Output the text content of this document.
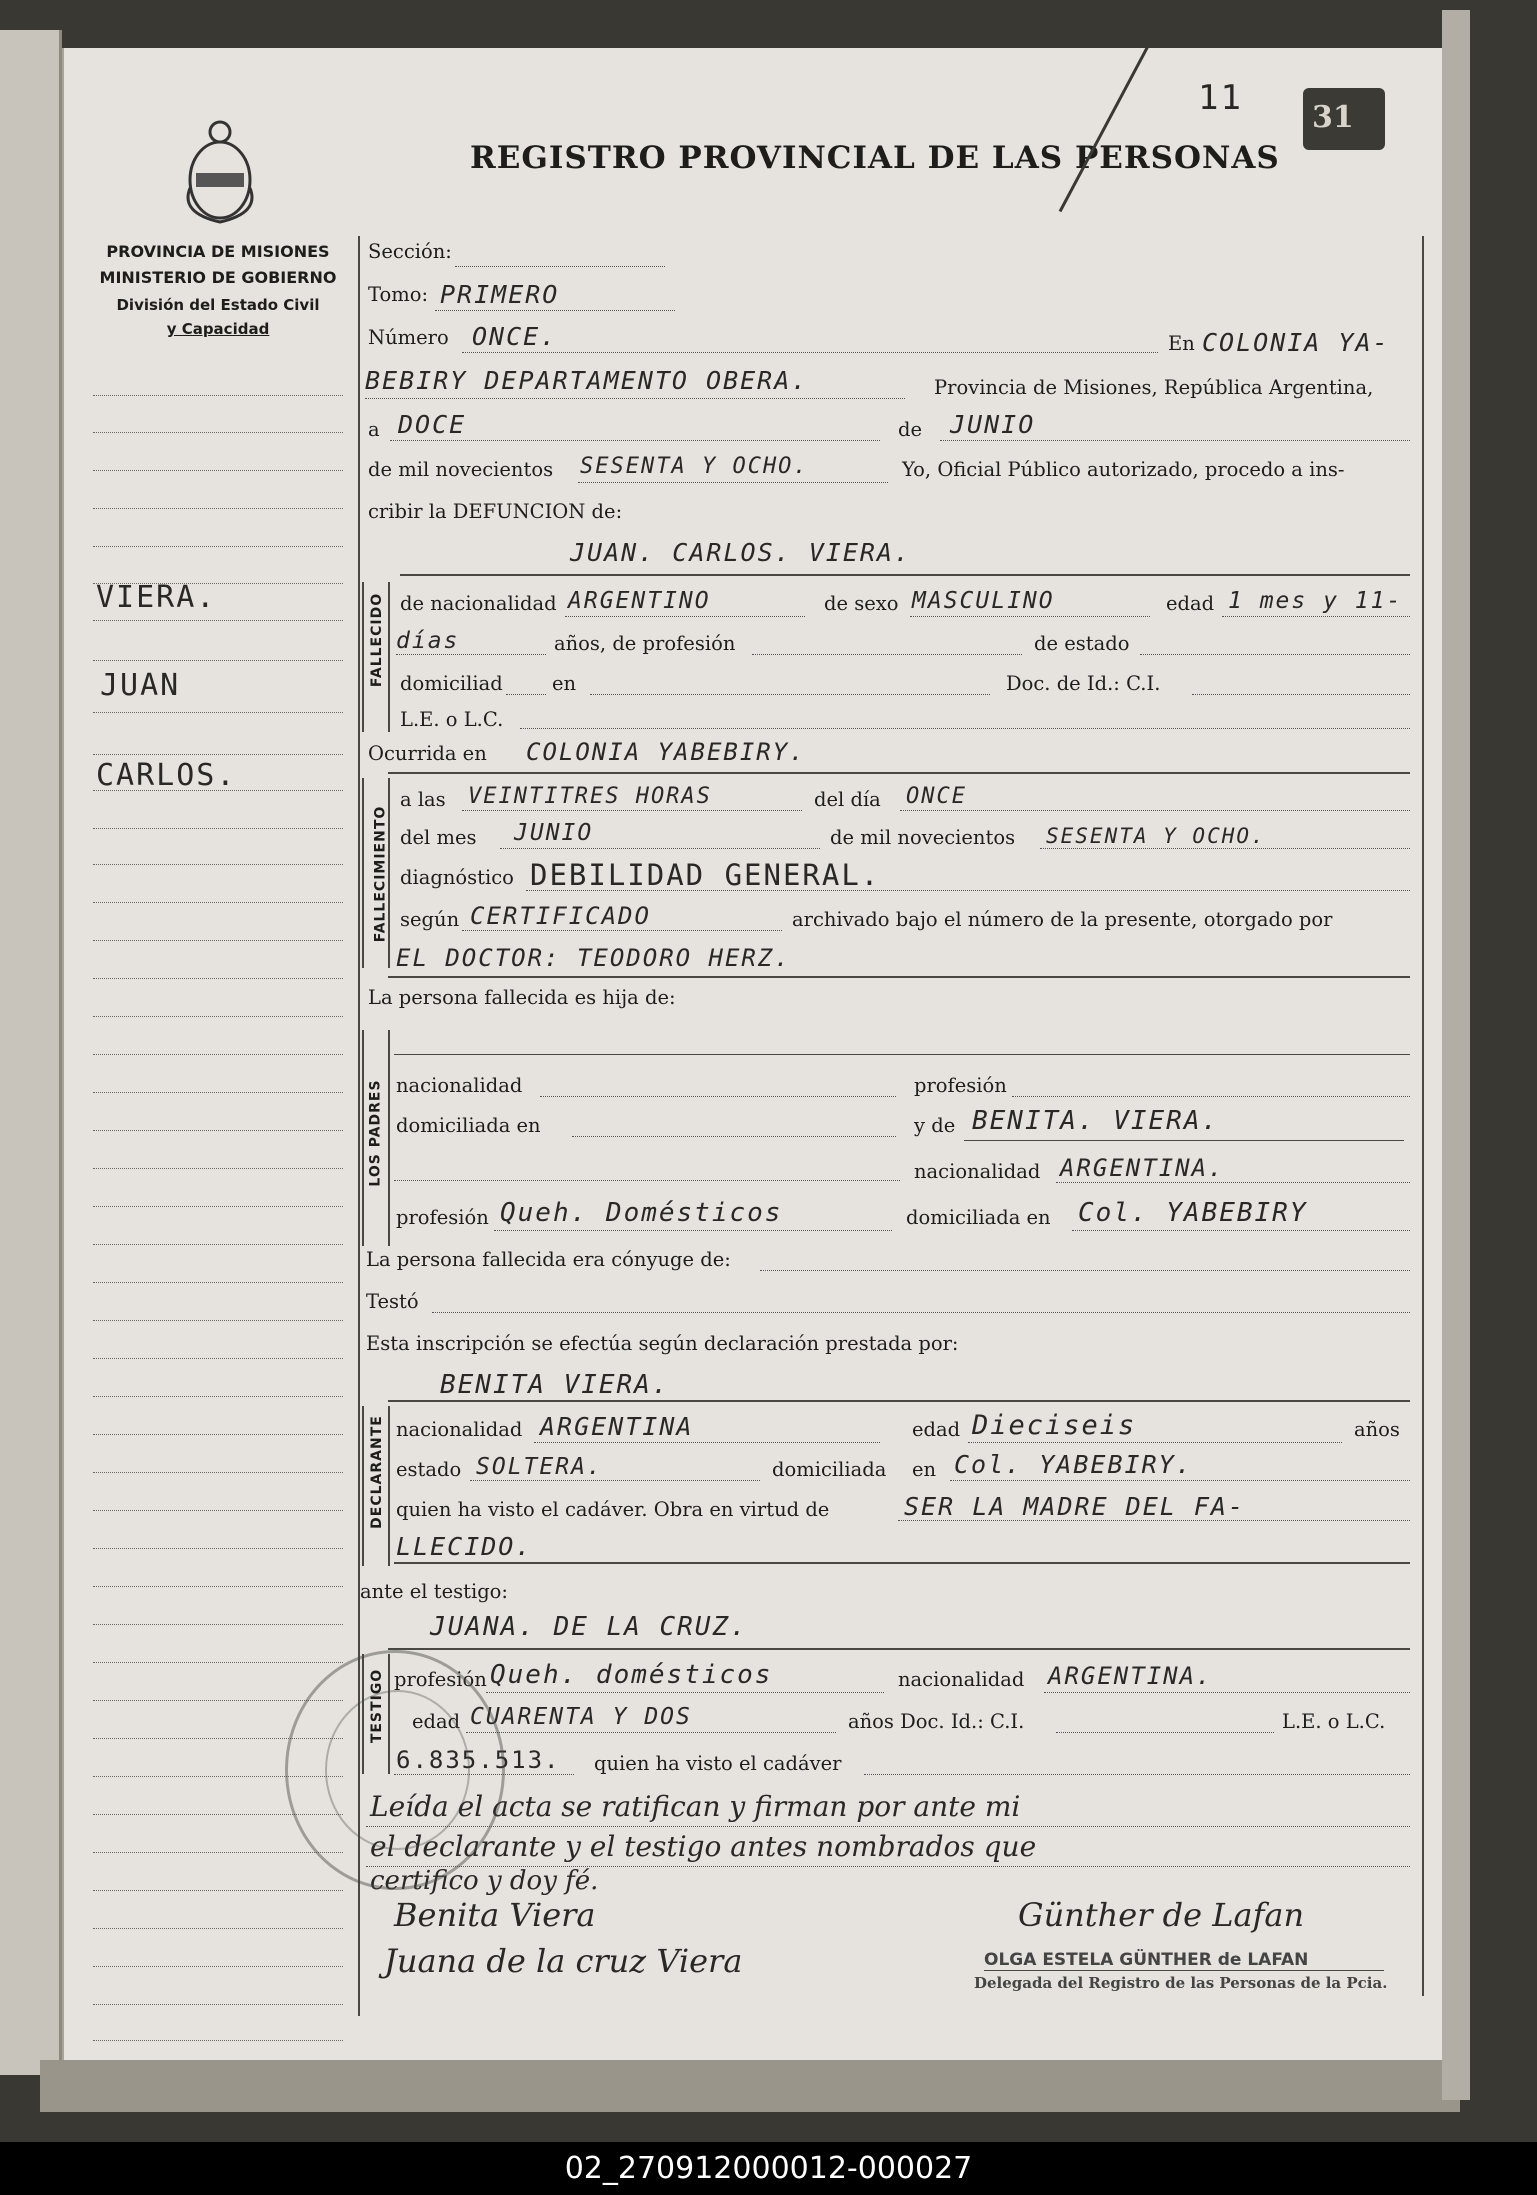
REGISTRO PROVINCIAL DE LAS PERSONAS
11 31
PROVINCIA DE MISIONES
MINISTERIO DE GOBIERNO
División del Estado Civil
y Capacidad
VIERA.
JUAN
CARLOS.
Sección:
Tomo: PRIMERO
Número ONCE.	En COLONIA YA-
BEBIRY DEPARTAMENTO OBERA.	Provincia de Misiones, República Argentina,
a DOCE	de JUNIO
de mil novecientos SESENTA Y OCHO.	Yo, Oficial Público autorizado, procedo a ins-
cribir la DEFUNCION de:
FALLECIDO
JUAN. CARLOS. VIERA.
de nacionalidad ARGENTINO	de sexo MASCULINO	edad 1 mes y 11-
días	años, de profesión	de estado
domiciliad	en	Doc. de Id.: C.I.
L.E. o L.C.
Ocurrida en COLONIA YABEBIRY.
FALLECIMIENTO
a las VEINTITRES HORAS	del día ONCE
del mes JUNIO	de mil novecientos SESENTA Y OCHO.
diagnóstico DEBILIDAD GENERAL.
según CERTIFICADO	archivado bajo el número de la presente, otorgado por
EL DOCTOR: TEODORO HERZ.
La persona fallecida es hija de:
LOS PADRES nacionalidad	profesión
domiciliada en	y de BENITA. VIERA.
nacionalidad ARGENTINA.
profesión Queh. Domésticos	domiciliada en Col. YABEBIRY
La persona fallecida era cónyuge de:
Testó
Esta inscripción se efectúa según declaración prestada por:
BENITA VIERA.
DECLARANTE nacionalidad ARGENTINA	edad Dieciseis	años
estado SOLTERA.	domiciliada en Col. YABEBIRY.
quien ha visto el cadáver. Obra en virtud de	SER LA MADRE DEL FA-
LLECIDO.
ante el testigo:
JUANA. DE LA CRUZ.
TESTIGO profesión Queh. domésticos	nacionalidad ARGENTINA.
edad CUARENTA Y DOS	años Doc. Id.: C.I.	L.E. o L.C.
6.835.513. quien ha visto el cadáver
Leída el acta se ratifican y firman por ante mi
el declarante y el testigo antes nombrados que
certifico y doy fé.
Benita Viera
Juana de la cruz Viera
Günther de Lafan
OLGA ESTELA GÜNTHER de LAFAN
Delegada del Registro de las Personas de la Pcia.
02_270912000012-000027
